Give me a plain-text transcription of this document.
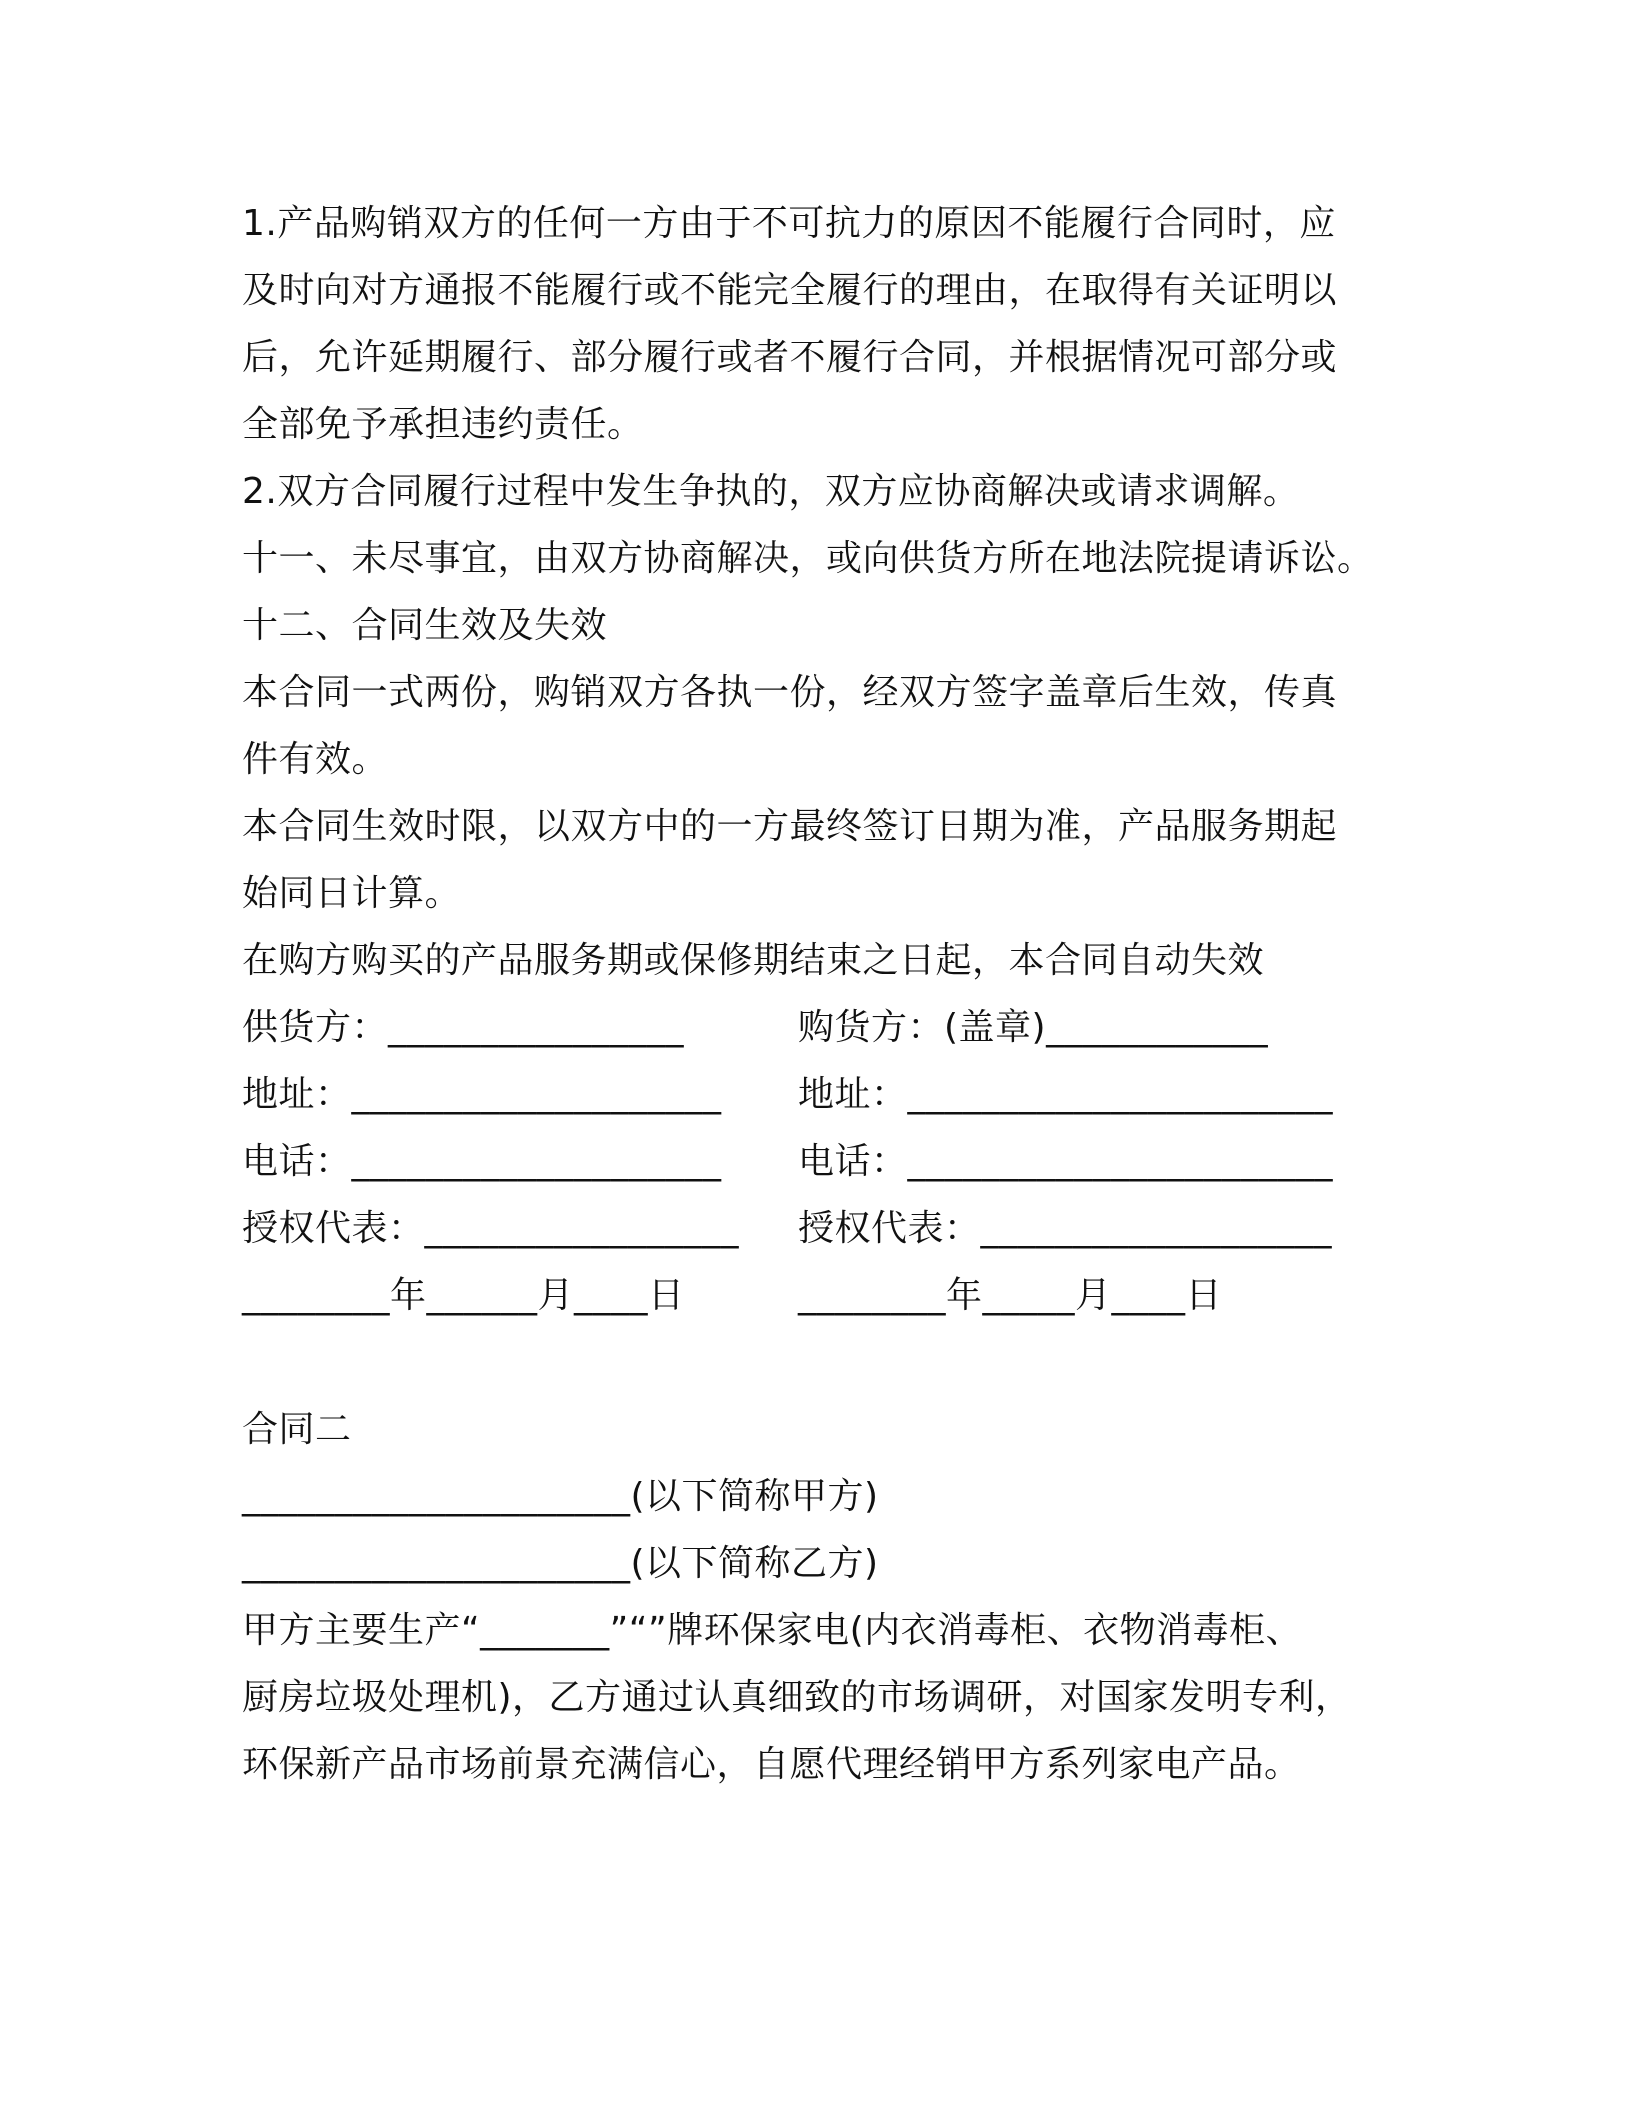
1.产品购销双方的任何一方由于不可抗力的原因不能履行合同时，应
及时向对方通报不能履行或不能完全履行的理由，在取得有关证明以
后，允许延期履行、部分履行或者不履行合同，并根据情况可部分或
全部免予承担违约责任。
2.双方合同履行过程中发生争执的，双方应协商解决或请求调解。
十一、未尽事宜，由双方协商解决，或向供货方所在地法院提请诉讼。
十二、合同生效及失效
本合同一式两份，购销双方各执一份，经双方签字盖章后生效，传真
件有效。
本合同生效时限，以双方中的一方最终签订日期为准，产品服务期起
始同日计算。
在购方购买的产品服务期或保修期结束之日起，本合同自动失效
供货方：________________	购货方：(盖章)____________
地址：____________________	地址：_______________________
电话：____________________	电话：_______________________
授权代表：_________________	授权代表：___________________
________年______月____日	________年_____月____日
合同二
_____________________(以下简称甲方)
_____________________(以下简称乙方)
甲方主要生产“_______”“”牌环保家电(内衣消毒柜、衣物消毒柜、
厨房垃圾处理机)，乙方通过认真细致的市场调研，对国家发明专利，
环保新产品市场前景充满信心，自愿代理经销甲方系列家电产品。
